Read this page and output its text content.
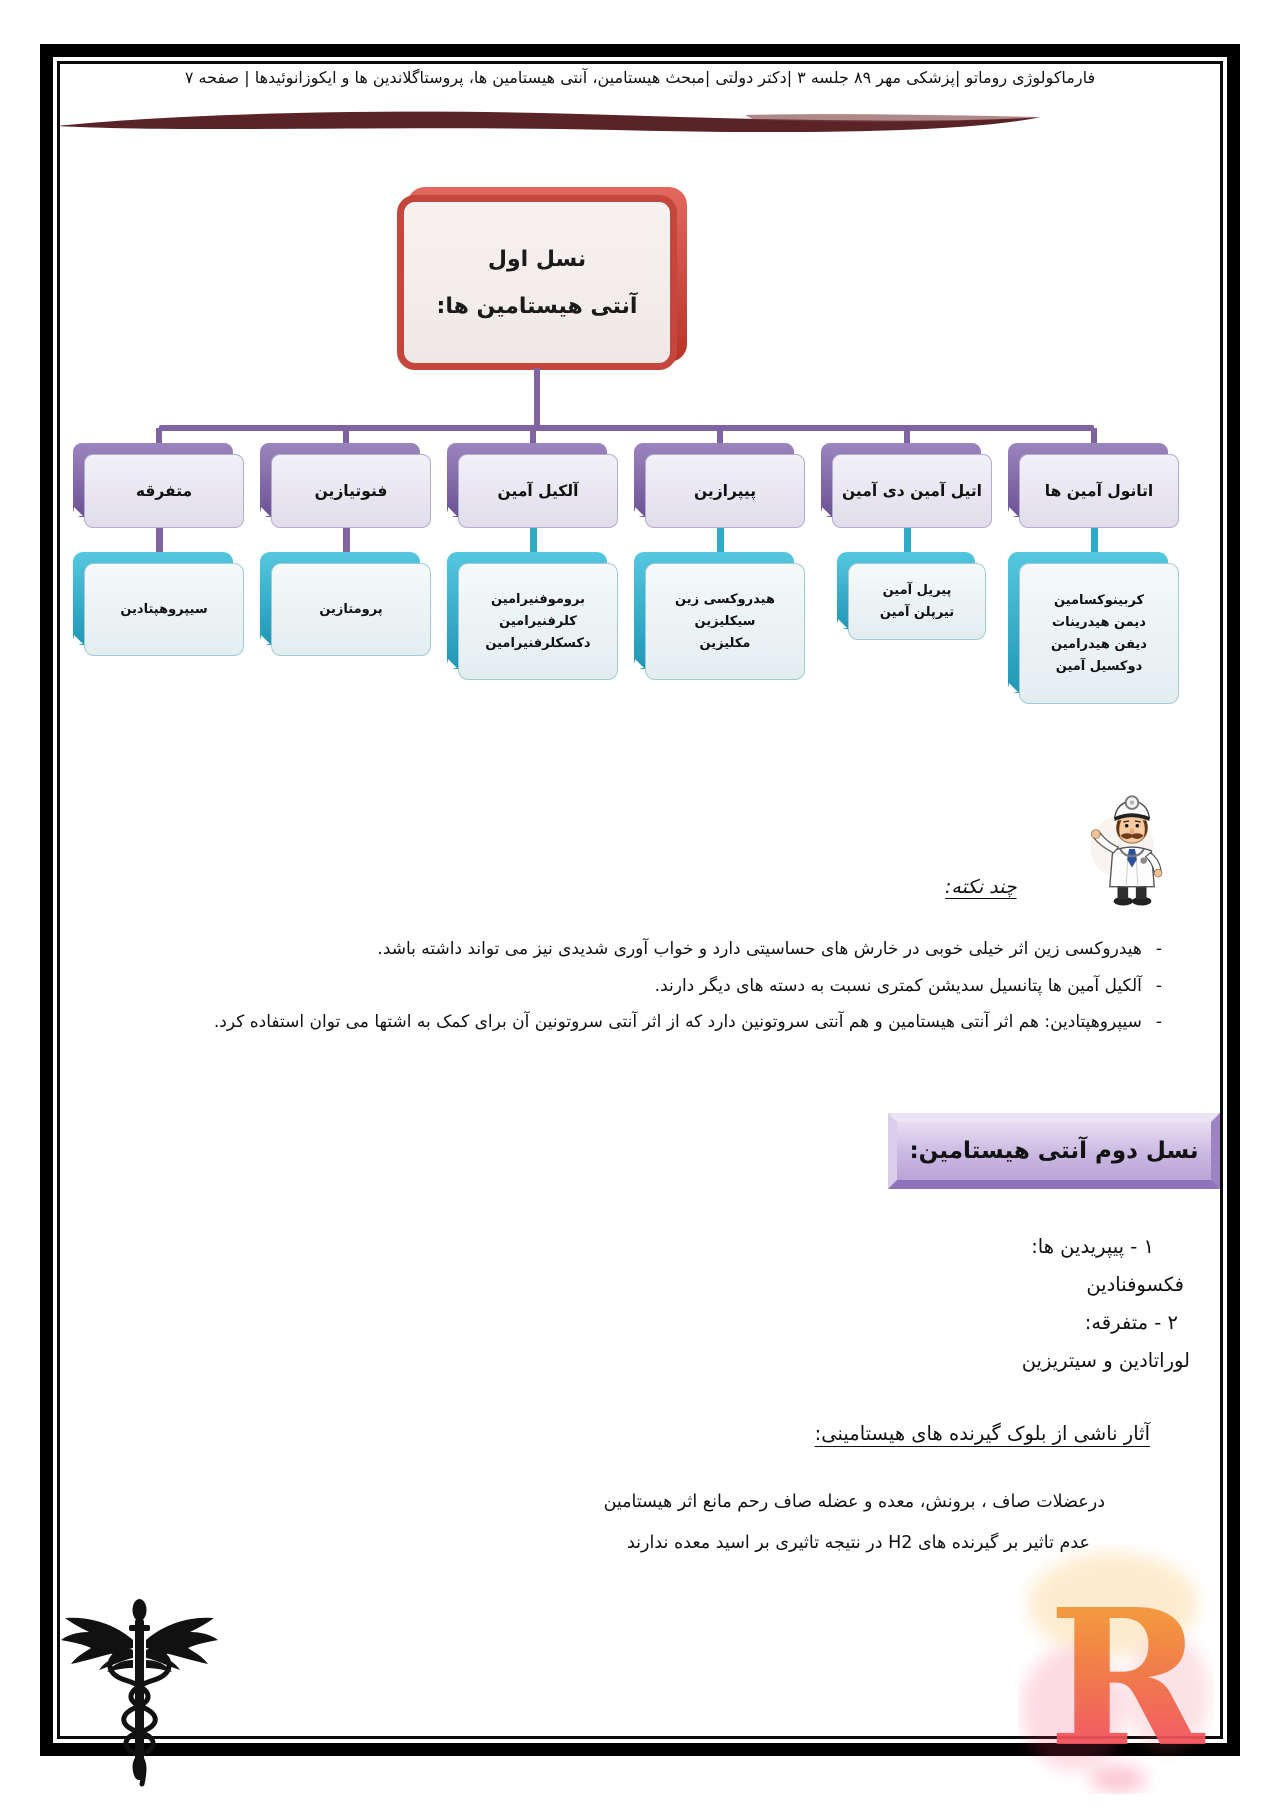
فارماکولوژی روماتو |پزشکی مهر ۸۹ جلسه ۳ |دکتر دولتی |مبحث هیستامین، آنتی هیستامین ها، پروستاگلاندین ها و ایکوزانوئیدها | صفحه ۷
نسل اول
آنتی هیستامین ها:
متفرقه
سیپروهپتادین
فنوتیازین
پرومتازین
آلکیل آمین
بروموفنیرامین
کلرفنیرامین
دکسکلرفنیرامین
پیپرازین
هیدروکسی زین
سیکلیزین
مکلیزین
اتیل آمین دی آمین
پیریل آمین
تیرپلن آمین
اتانول آمین ها
کربینوکسامین
دیمن هیدرینات
دیفن هیدرامین
دوکسیل آمین
چند نکته:
-
هیدروکسی زین اثر خیلی خوبی در خارش های حساسیتی دارد و خواب آوری شدیدی نیز می تواند داشته باشد.
-
آلکیل آمین ها پتانسیل سدیشن کمتری نسبت به دسته های دیگر دارند.
-
سیپروهپتادین: هم اثر آنتی هیستامین و هم آنتی سروتونین دارد که از اثر آنتی سروتونین آن برای کمک به اشتها می توان استفاده کرد.
نسل دوم آنتی هیستامین:
۱ - پیپریدین ها:
فکسوفنادین
۲ - متفرقه:
لوراتادین و سیتریزین
آثار ناشی از بلوک گیرنده های هیستامینی:
درعضلات صاف ، برونش، معده و عضله صاف رحم مانع اثر هیستامین
عدم تاثیر بر گیرنده های H2 در نتیجه تاثیری بر اسید معده ندارند
R
